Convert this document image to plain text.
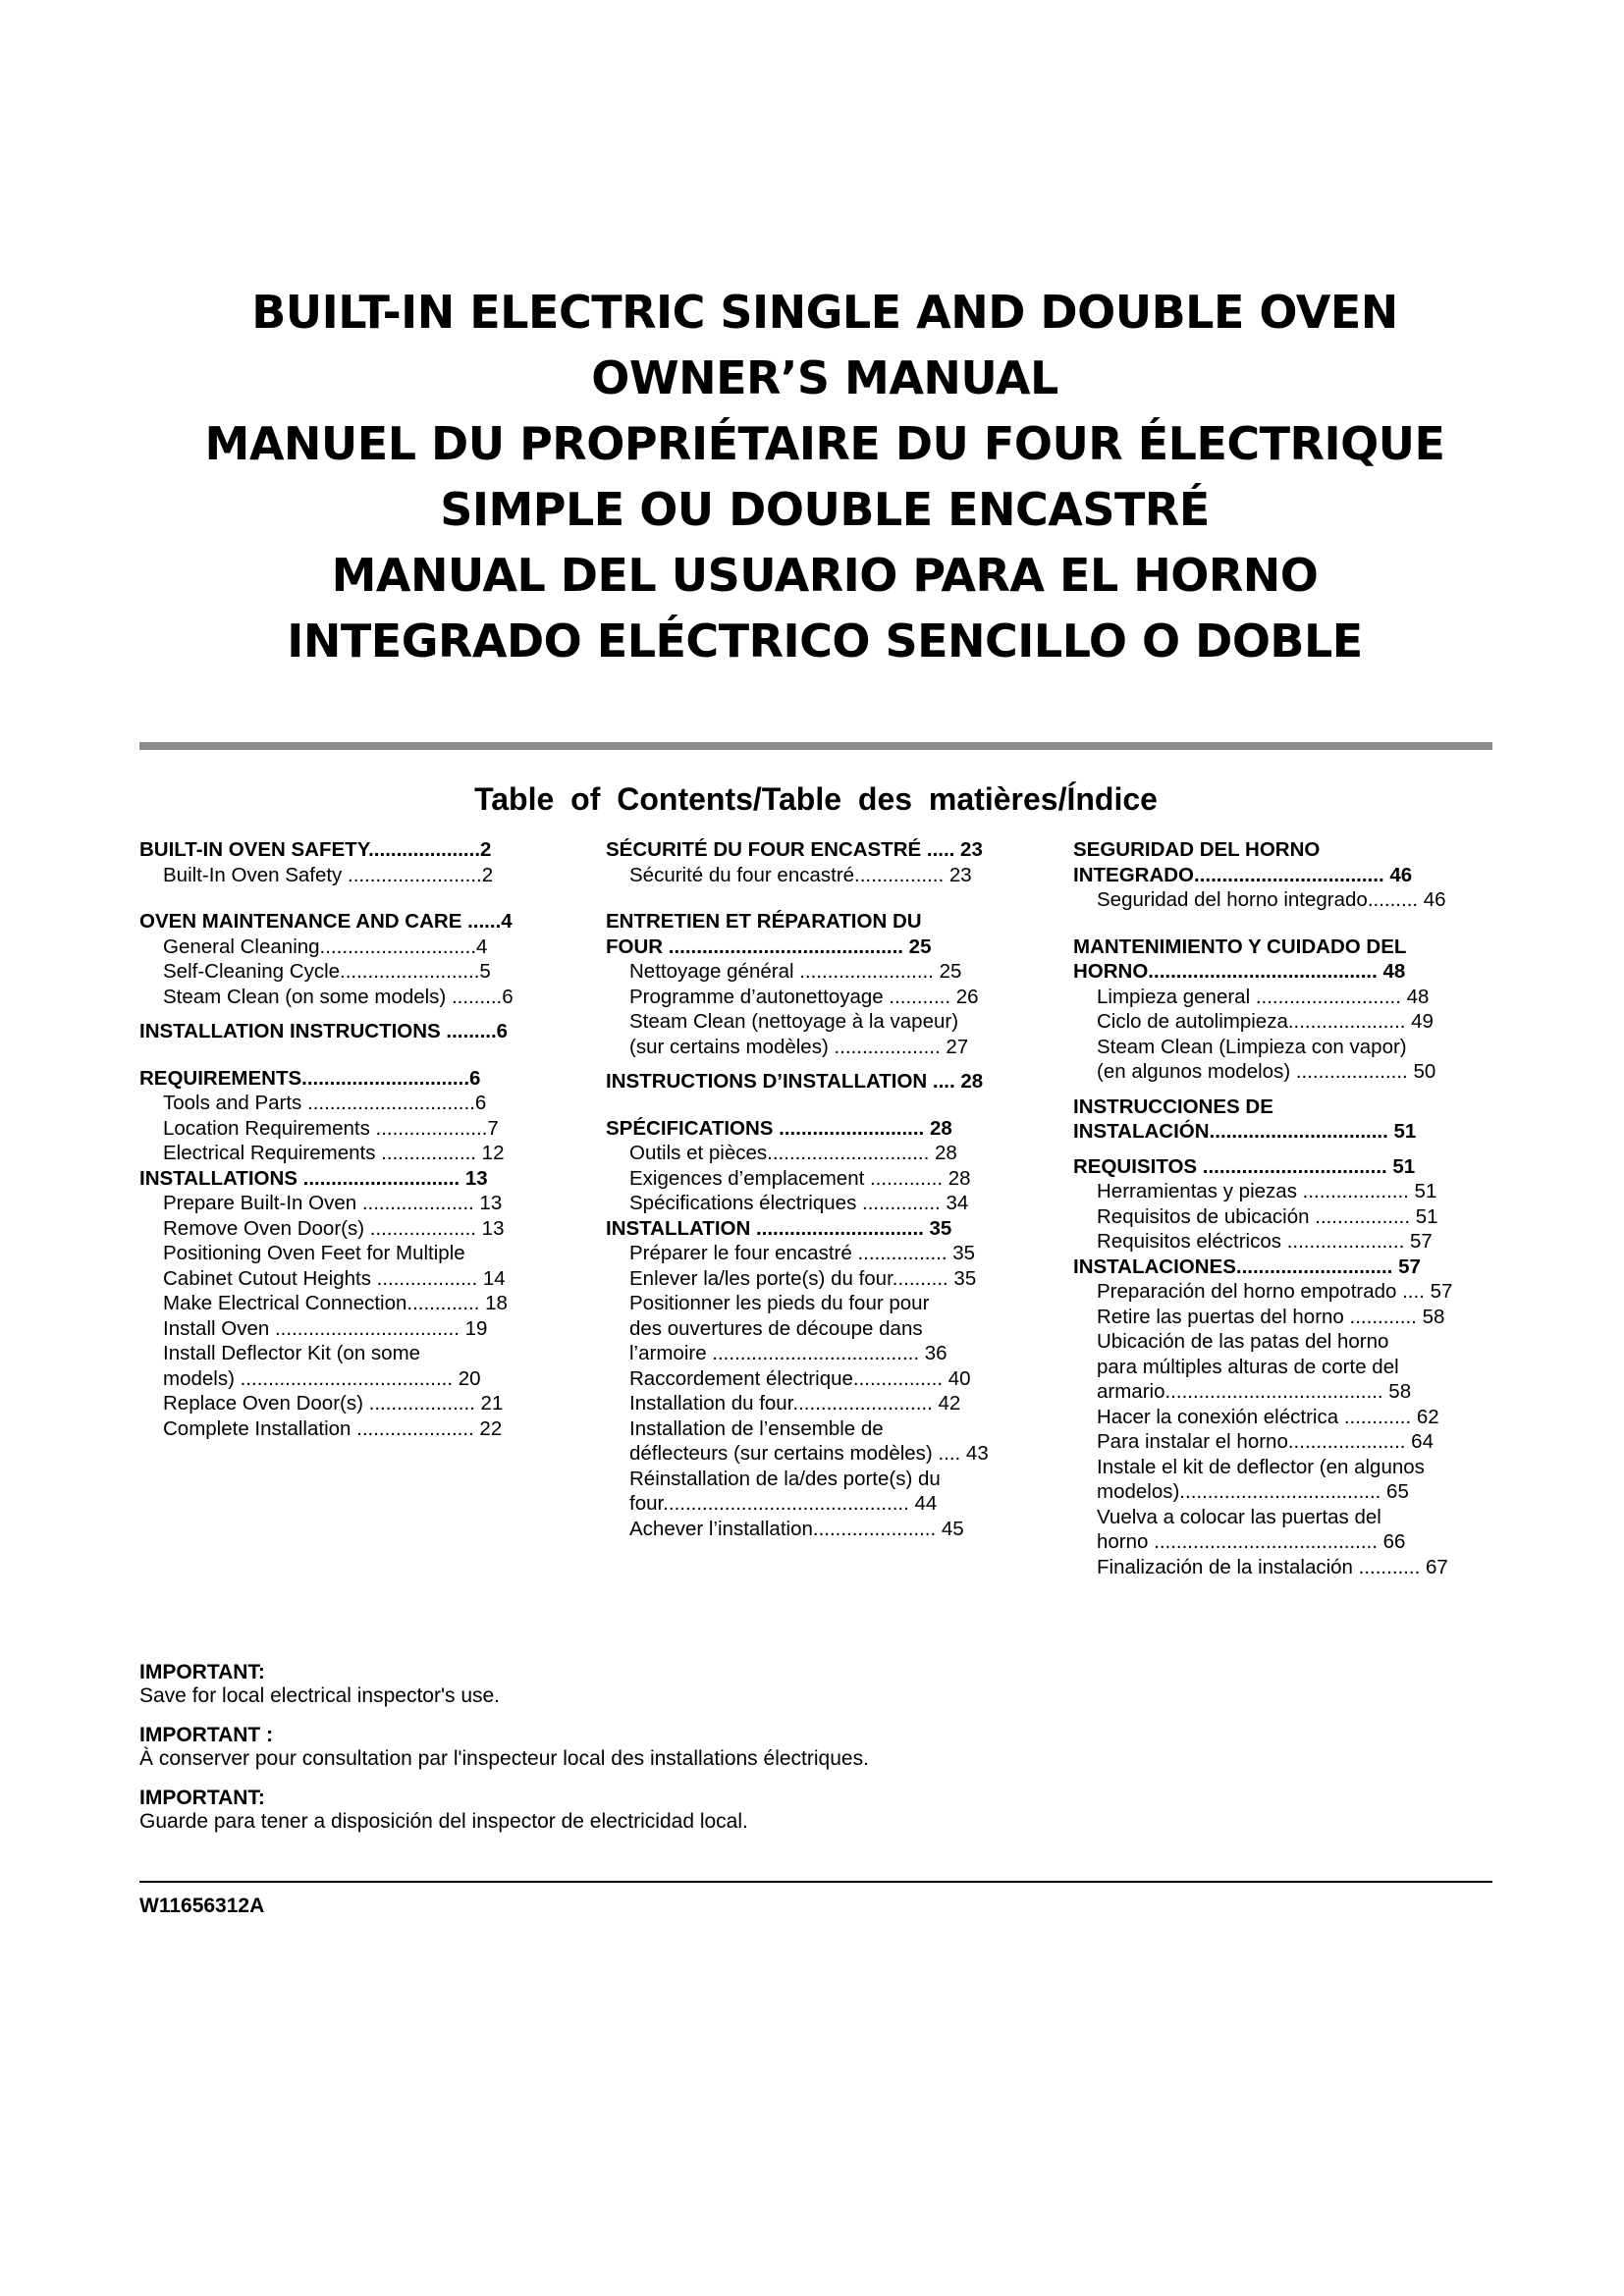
BUILT-IN ELECTRIC SINGLE AND DOUBLE OVEN
OWNER’S MANUAL
MANUEL DU PROPRIÉTAIRE DU FOUR ÉLECTRIQUE
SIMPLE OU DOUBLE ENCASTRÉ
MANUAL DEL USUARIO PARA EL HORNO
INTEGRADO ELÉCTRICO SENCILLO O DOBLE
Table of Contents/Table des matières/Índice
BUILT-IN OVEN SAFETY....................2
Built-In Oven Safety ........................2
OVEN MAINTENANCE AND CARE ......4
General Cleaning............................4
Self-Cleaning Cycle.........................5
Steam Clean (on some models) .........6
INSTALLATION INSTRUCTIONS .........6
REQUIREMENTS..............................6
Tools and Parts ..............................6
Location Requirements ....................7
Electrical Requirements ................. 12
INSTALLATIONS ............................ 13
Prepare Built-In Oven .................... 13
Remove Oven Door(s) ................... 13
Positioning Oven Feet for Multiple
Cabinet Cutout Heights .................. 14
Make Electrical Connection............. 18
Install Oven ................................. 19
Install Deflector Kit (on some
models) ...................................... 20
Replace Oven Door(s) ................... 21
Complete Installation ..................... 22
SÉCURITÉ DU FOUR ENCASTRÉ ..... 23
Sécurité du four encastré................ 23
ENTRETIEN ET RÉPARATION DU
FOUR .......................................... 25
Nettoyage général ........................ 25
Programme d’autonettoyage ........... 26
Steam Clean (nettoyage à la vapeur)
(sur certains modèles) ................... 27
INSTRUCTIONS D’INSTALLATION .... 28
SPÉCIFICATIONS .......................... 28
Outils et pièces............................. 28
Exigences d’emplacement ............. 28
Spécifications électriques .............. 34
INSTALLATION .............................. 35
Préparer le four encastré ................ 35
Enlever la/les porte(s) du four.......... 35
Positionner les pieds du four pour
des ouvertures de découpe dans
l’armoire ..................................... 36
Raccordement électrique................ 40
Installation du four......................... 42
Installation de l’ensemble de
déflecteurs (sur certains modèles) .... 43
Réinstallation de la/des porte(s) du
four............................................ 44
Achever l’installation...................... 45
SEGURIDAD DEL HORNO
INTEGRADO.................................. 46
Seguridad del horno integrado......... 46
MANTENIMIENTO Y CUIDADO DEL
HORNO......................................... 48
Limpieza general .......................... 48
Ciclo de autolimpieza..................... 49
Steam Clean (Limpieza con vapor)
(en algunos modelos) .................... 50
INSTRUCCIONES DE
INSTALACIÓN................................ 51
REQUISITOS ................................. 51
Herramientas y piezas ................... 51
Requisitos de ubicación ................. 51
Requisitos eléctricos ..................... 57
INSTALACIONES............................ 57
Preparación del horno empotrado .... 57
Retire las puertas del horno ............ 58
Ubicación de las patas del horno
para múltiples alturas de corte del
armario....................................... 58
Hacer la conexión eléctrica ............ 62
Para instalar el horno..................... 64
Instale el kit de deflector (en algunos
modelos).................................... 65
Vuelva a colocar las puertas del
horno ........................................ 66
Finalización de la instalación ........... 67
IMPORTANT:
Save for local electrical inspector's use.
IMPORTANT :
À conserver pour consultation par l'inspecteur local des installations électriques.
IMPORTANT:
Guarde para tener a disposición del inspector de electricidad local.
W11656312A
